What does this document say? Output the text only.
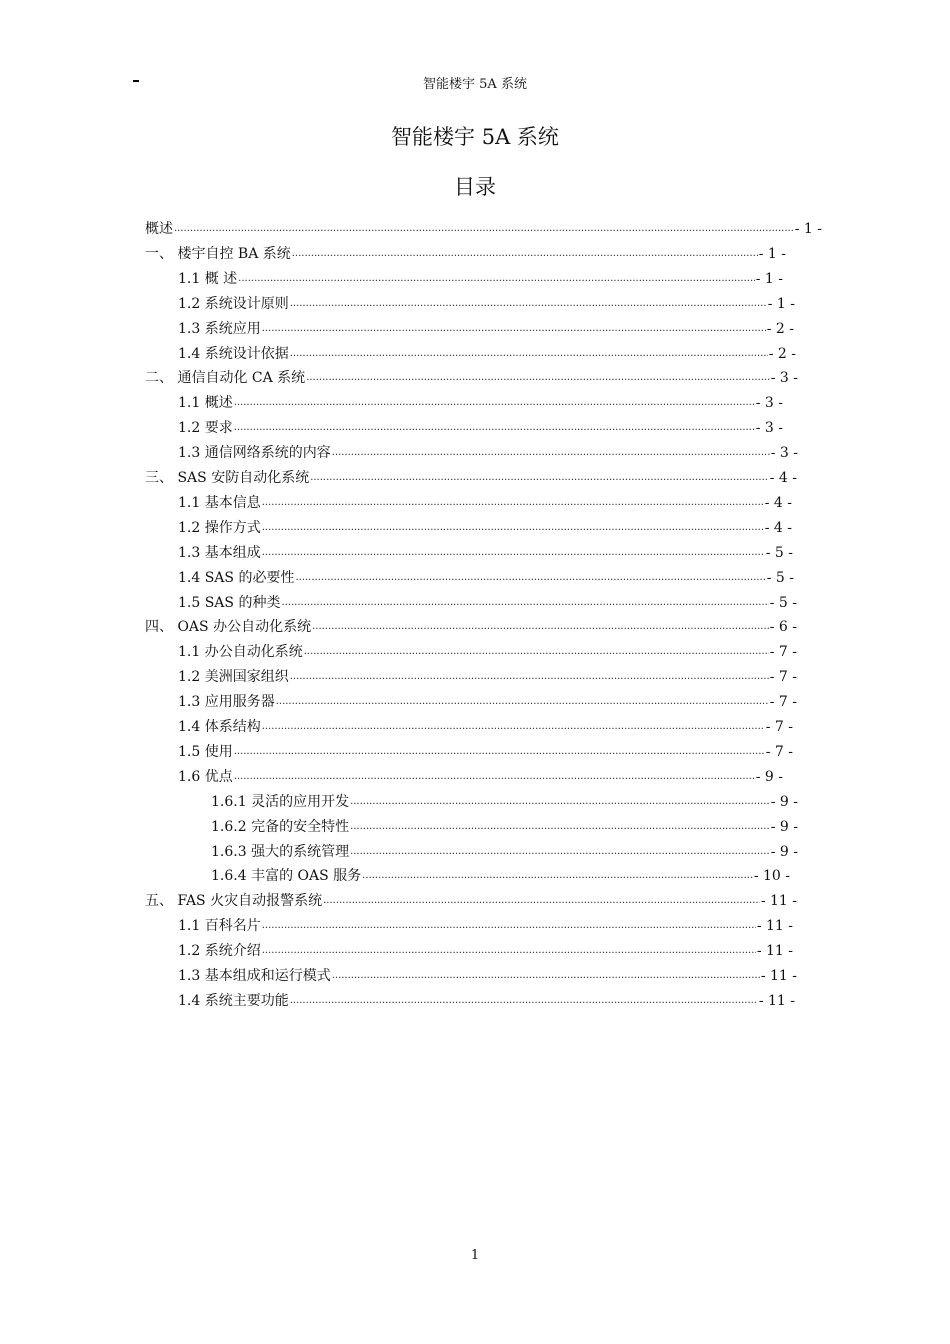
智能楼宇 5A 系统
智能楼宇 5A 系统
目录
概述 .....	- 1 -
一、 楼宇自控 BA 系统 .....	- 1 -
1.1 概 述 .....	- 1 -
1.2 系统设计原则 .....	- 1 -
1.3 系统应用 .....	- 2 -
1.4 系统设计依据 .....	- 2 -
二、 通信自动化 CA 系统 .....	- 3 -
1.1 概述 .....	- 3 -
1.2 要求 .....	- 3 -
1.3 通信网络系统的内容 .....	- 3 -
三、 SAS 安防自动化系统 .....	- 4 -
1.1 基本信息 .....	- 4 -
1.2 操作方式 .....	- 4 -
1.3 基本组成 .....	- 5 -
1.4 SAS 的必要性 .....	- 5 -
1.5 SAS 的种类 .....	- 5 -
四、 OAS 办公自动化系统 .....	- 6 -
1.1 办公自动化系统 .....	- 7 -
1.2 美洲国家组织 .....	- 7 -
1.3 应用服务器 .....	- 7 -
1.4 体系结构 .....	- 7 -
1.5 使用 .....	- 7 -
1.6 优点 .....	- 9 -
1.6.1 灵活的应用开发 .....	- 9 -
1.6.2 完备的安全特性 .....	- 9 -
1.6.3 强大的系统管理 .....	- 9 -
1.6.4 丰富的 OAS 服务 .....	- 10 -
五、 FAS 火灾自动报警系统 .....	- 11 -
1.1 百科名片 .....	- 11 -
1.2 系统介绍 .....	- 11 -
1.3 基本组成和运行模式 .....	- 11 -
1.4 系统主要功能 .....	- 11 -
1
